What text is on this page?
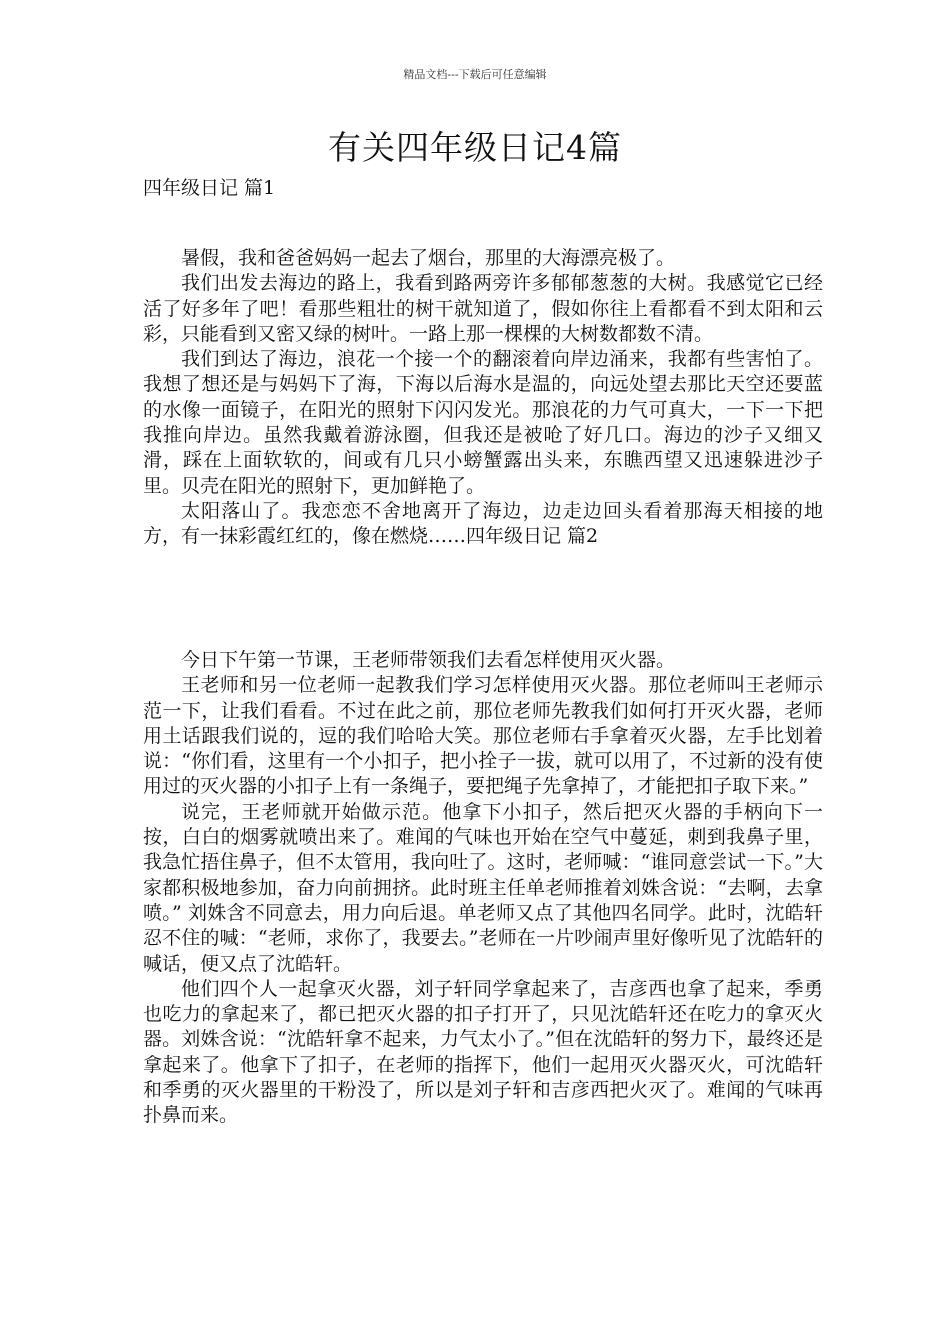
精品文档---下载后可任意编辑
有关四年级日记4篇
四年级日记 篇1

暑假，我和爸爸妈妈一起去了烟台，那里的大海漂亮极了。

我们出发去海边的路上，我看到路两旁许多郁郁葱葱的大树。我感觉它已经活了好多年了吧！看那些粗壮的树干就知道了，假如你往上看都看不到太阳和云彩，只能看到又密又绿的树叶。一路上那一棵棵的大树数都数不清。

我们到达了海边，浪花一个接一个的翻滚着向岸边涌来，我都有些害怕了。我想了想还是与妈妈下了海，下海以后海水是温的，向远处望去那比天空还要蓝的水像一面镜子，在阳光的照射下闪闪发光。那浪花的力气可真大，一下一下把我推向岸边。虽然我戴着游泳圈，但我还是被呛了好几口。海边的沙子又细又滑，踩在上面软软的，间或有几只小螃蟹露出头来，东瞧西望又迅速躲进沙子里。贝壳在阳光的照射下，更加鲜艳了。

太阳落山了。我恋恋不舍地离开了海边，边走边回头看着那海天相接的地方，有一抹彩霞红红的，像在燃烧……四年级日记 篇2

今日下午第一节课，王老师带领我们去看怎样使用灭火器。

王老师和另一位老师一起教我们学习怎样使用灭火器。那位老师叫王老师示范一下，让我们看看。不过在此之前，那位老师先教我们如何打开灭火器，老师用土话跟我们说的，逗的我们哈哈大笑。那位老师右手拿着灭火器，左手比划着说：“你们看，这里有一个小扣子，把小拴子一拔，就可以用了，不过新的没有使用过的灭火器的小扣子上有一条绳子，要把绳子先拿掉了，才能把扣子取下来。”

说完，王老师就开始做示范。他拿下小扣子，然后把灭火器的手柄向下一按，白白的烟雾就喷出来了。难闻的气味也开始在空气中蔓延，刺到我鼻子里，我急忙捂住鼻子，但不太管用，我向吐了。这时，老师喊：“谁同意尝试一下。”大家都积极地参加，奋力向前拥挤。此时班主任单老师推着刘姝含说：“去啊，去拿喷。” 刘姝含不同意去，用力向后退。单老师又点了其他四名同学。此时，沈皓轩忍不住的喊：“老师，求你了，我要去。”老师在一片吵闹声里好像听见了沈皓轩的喊话，便又点了沈皓轩。

他们四个人一起拿灭火器，刘子轩同学拿起来了，吉彦西也拿了起来，季勇也吃力的拿起来了，都已把灭火器的扣子打开了，只见沈皓轩还在吃力的拿灭火器。刘姝含说：“沈皓轩拿不起来，力气太小了。”但在沈皓轩的努力下，最终还是拿起来了。他拿下了扣子，在老师的指挥下，他们一起用灭火器灭火，可沈皓轩和季勇的灭火器里的干粉没了，所以是刘子轩和吉彦西把火灭了。难闻的气味再扑鼻而来。
